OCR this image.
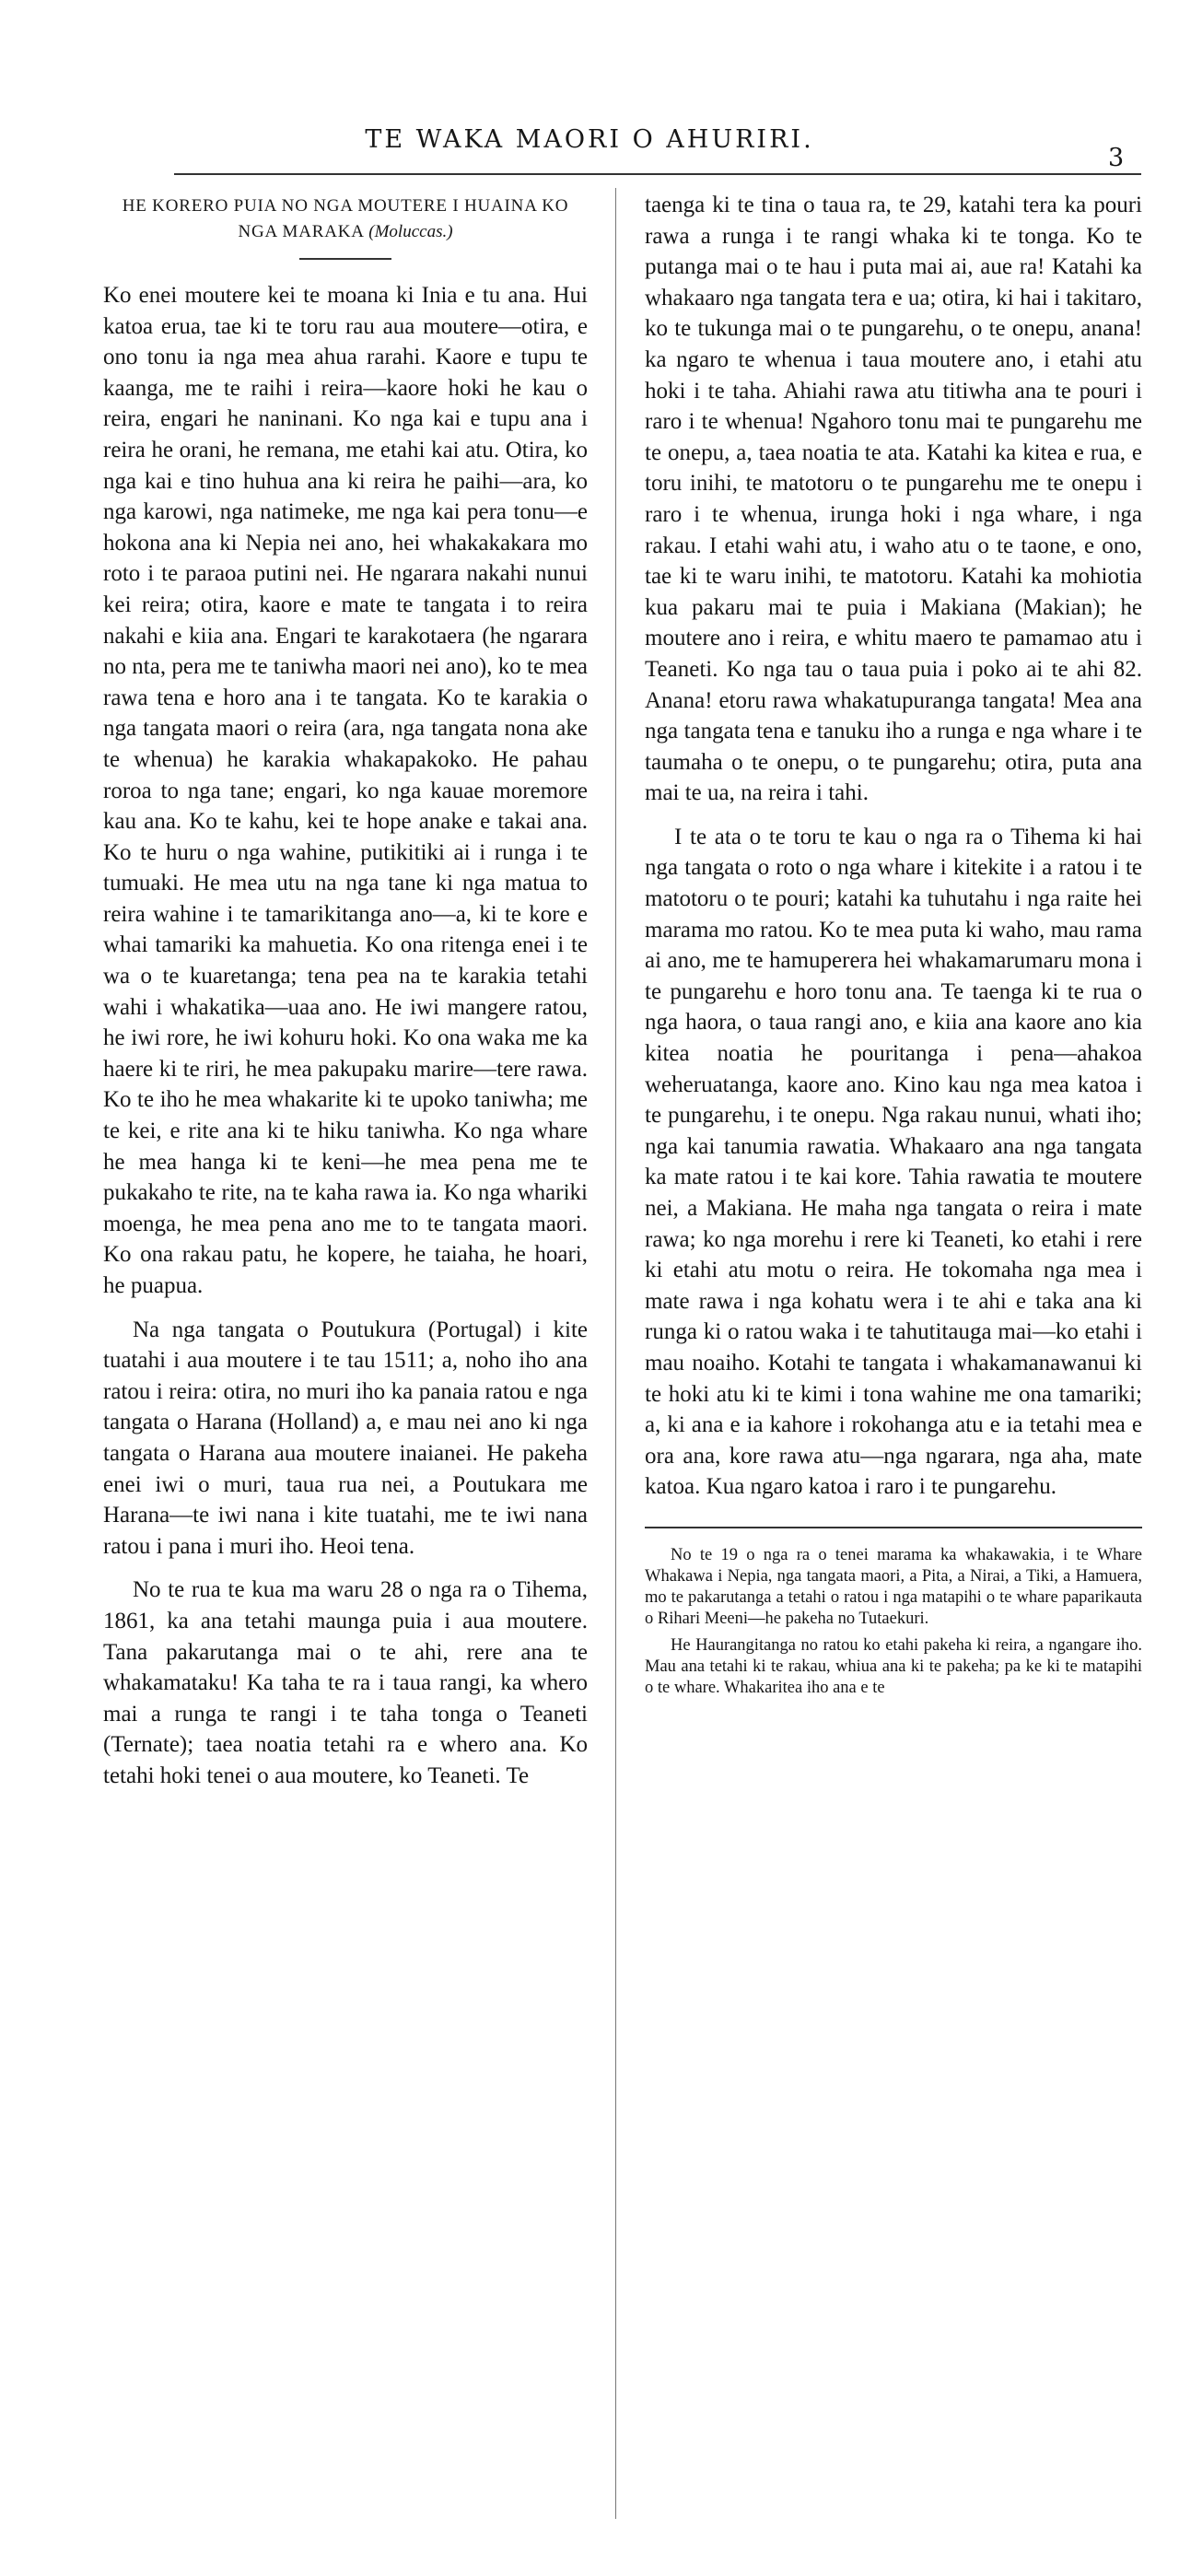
TE WAKA MAORI O AHURIRI.
3
HE KORERO PUIA NO NGA MOUTERE I HUAINA KO NGA MARAKA (Moluccas.)

Ko enei moutere kei te moana ki Inia e tu ana. Hui katoa erua, tae ki te toru rau aua moutere—otira, e ono tonu ia nga mea ahua rarahi. Kaore e tupu te kaanga, me te raihi i reira—kaore hoki he kau o reira, engari he naninani. Ko nga kai e tupu ana i reira he orani, he remana, me etahi kai atu. Otira, ko nga kai e tino huhua ana ki reira he paihi—ara, ko nga karowi, nga natimeke, me nga kai pera tonu—e hokona ana ki Nepia nei ano, hei whakakakara mo roto i te paraoa putini nei. He ngarara nakahi nunui kei reira; otira, kaore e mate te tangata i to reira nakahi e kiia ana. Engari te karakotaera (he ngarara no nta, pera me te taniwha maori nei ano), ko te mea rawa tena e horo ana i te tangata. Ko te karakia o nga tangata maori o reira (ara, nga tangata nona ake te whenua) he karakia whakapakoko. He pahau roroa to nga tane; engari, ko nga kauae moremore kau ana. Ko te kahu, kei te hope anake e takai ana. Ko te huru o nga wahine, putikitiki ai i runga i te tumuaki. He mea utu na nga tane ki nga matua to reira wahine i te tamarikitanga ano—a, ki te kore e whai tamariki ka mahuetia. Ko ona ritenga enei i te wa o te kuaretanga; tena pea na te karakia tetahi wahi i whakatika—uaa ano. He iwi mangere ratou, he iwi rore, he iwi kohuru hoki. Ko ona waka me ka haere ki te riri, he mea pakupaku marire—tere rawa. Ko te iho he mea whakarite ki te upoko taniwha; me te kei, e rite ana ki te hiku taniwha. Ko nga whare he mea hanga ki te keni—he mea pena me te pukakaho te rite, na te kaha rawa ia. Ko nga whariki moenga, he mea pena ano me to te tangata maori. Ko ona rakau patu, he kopere, he taiaha, he hoari, he puapua.

Na nga tangata o Poutukura (Portugal) i kite tuatahi i aua moutere i te tau 1511; a, noho iho ana ratou i reira: otira, no muri iho ka panaia ratou e nga tangata o Harana (Holland) a, e mau nei ano ki nga tangata o Harana aua moutere inaianei. He pakeha enei iwi o muri, taua rua nei, a Poutukara me Harana—te iwi nana i kite tuatahi, me te iwi nana ratou i pana i muri iho. Heoi tena.

No te rua te kua ma waru 28 o nga ra o Tihema, 1861, ka ana tetahi maunga puia i aua moutere. Tana pakarutanga mai o te ahi, rere ana te whakamataku! Ka taha te ra i taua rangi, ka whero mai a runga te rangi i te taha tonga o Teaneti (Ternate); taea noatia tetahi ra e whero ana. Ko tetahi hoki tenei o aua moutere, ko Teaneti. Te

taenga ki te tina o taua ra, te 29, katahi tera ka pouri rawa a runga i te rangi whaka ki te tonga. Ko te putanga mai o te hau i puta mai ai, aue ra! Katahi ka whakaaro nga tangata tera e ua; otira, ki hai i takitaro, ko te tukunga mai o te pungarehu, o te onepu, anana! ka ngaro te whenua i taua moutere ano, i etahi atu hoki i te taha. Ahiahi rawa atu titiwha ana te pouri i raro i te whenua! Ngahoro tonu mai te pungarehu me te onepu, a, taea noatia te ata. Katahi ka kitea e rua, e toru inihi, te matotoru o te pungarehu me te onepu i raro i te whenua, irunga hoki i nga whare, i nga rakau. I etahi wahi atu, i waho atu o te taone, e ono, tae ki te waru inihi, te matotoru. Katahi ka mohiotia kua pakaru mai te puia i Makiana (Makian); he moutere ano i reira, e whitu maero te pamamao atu i Teaneti. Ko nga tau o taua puia i poko ai te ahi 82. Anana! etoru rawa whakatupuranga tangata! Mea ana nga tangata tena e tanuku iho a runga e nga whare i te taumaha o te onepu, o te pungarehu; otira, puta ana mai te ua, na reira i tahi.

I te ata o te toru te kau o nga ra o Tihema ki hai nga tangata o roto o nga whare i kitekite i a ratou i te matotoru o te pouri; katahi ka tuhutahu i nga raite hei marama mo ratou. Ko te mea puta ki waho, mau rama ai ano, me te hamuperera hei whakamarumaru mona i te pungarehu e horo tonu ana. Te taenga ki te rua o nga haora, o taua rangi ano, e kiia ana kaore ano kia kitea noatia he pouritanga i pena—ahakoa weheruatanga, kaore ano. Kino kau nga mea katoa i te pungarehu, i te onepu. Nga rakau nunui, whati iho; nga kai tanumia rawatia. Whakaaro ana nga tangata ka mate ratou i te kai kore. Tahia rawatia te moutere nei, a Makiana. He maha nga tangata o reira i mate rawa; ko nga morehu i rere ki Teaneti, ko etahi i rere ki etahi atu motu o reira. He tokomaha nga mea i mate rawa i nga kohatu wera i te ahi e taka ana ki runga ki o ratou waka i te tahutitauga mai—ko etahi i mau noaiho. Kotahi te tangata i whakamanawanui ki te hoki atu ki te kimi i tona wahine me ona tamariki; a, ki ana e ia kahore i rokohanga atu e ia tetahi mea e ora ana, kore rawa atu—nga ngarara, nga aha, mate katoa. Kua ngaro katoa i raro i te pungarehu.

No te 19 o nga ra o tenei marama ka whakawakia, i te Whare Whakawa i Nepia, nga tangata maori, a Pita, a Nirai, a Tiki, a Hamuera, mo te pakarutanga a tetahi o ratou i nga matapihi o te whare paparikauta o Rihari Meeni—he pakeha no Tutaekuri.

He Haurangitanga no ratou ko etahi pakeha ki reira, a ngangare iho. Mau ana tetahi ki te rakau, whiua ana ki te pakeha; pa ke ki te matapihi o te whare. Whakaritea iho ana e te
